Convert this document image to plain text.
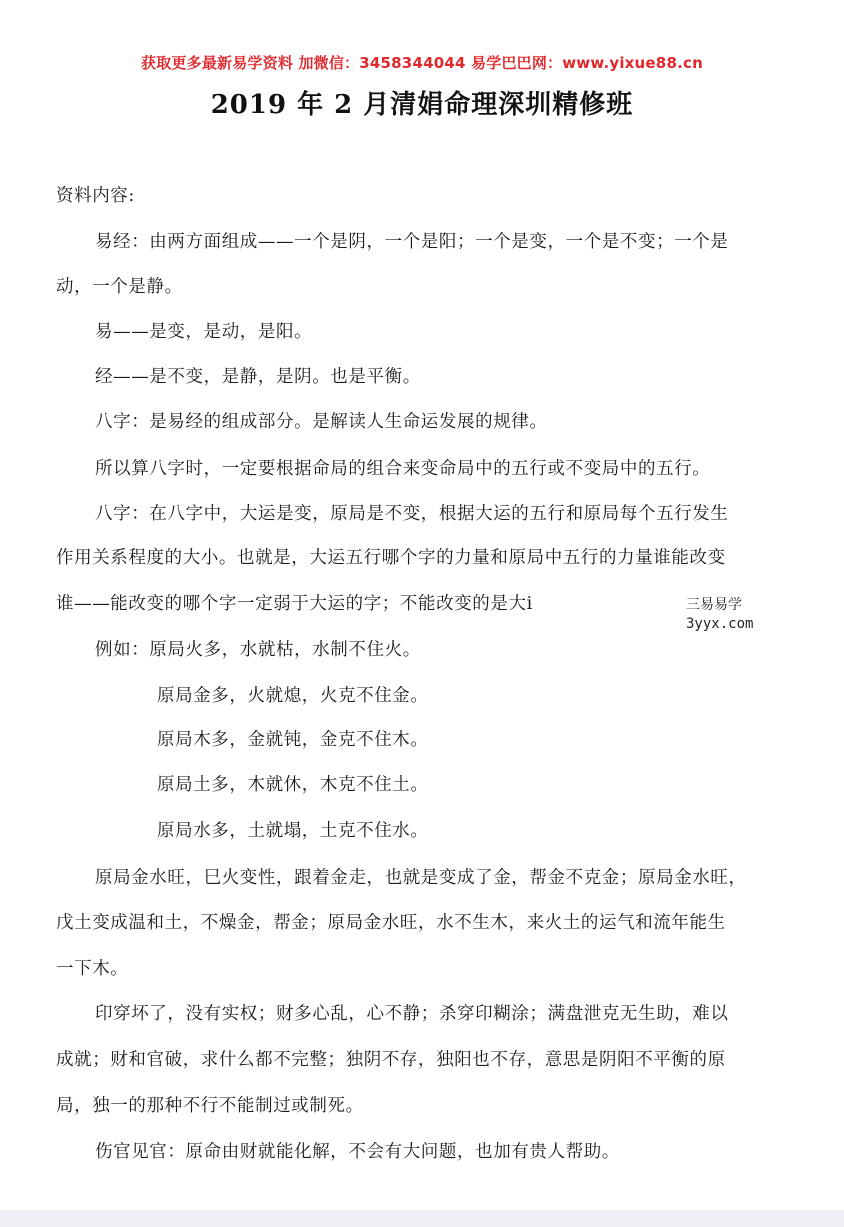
获取更多最新易学资料 加微信：3458344044 易学巴巴网：www.yixue88.cn
2019 年 2 月清娟命理深圳精修班
资料内容:
易经：由两方面组成——一个是阴，一个是阳；一个是变，一个是不变；一个是
动，一个是静。
易——是变，是动，是阳。
经——是不变，是静，是阴。也是平衡。
八字：是易经的组成部分。是解读人生命运发展的规律。
所以算八字时，一定要根据命局的组合来变命局中的五行或不变局中的五行。
八字：在八字中，大运是变，原局是不变，根据大运的五行和原局每个五行发生
作用关系程度的大小。也就是，大运五行哪个字的力量和原局中五行的力量谁能改变
谁——能改变的哪个字一定弱于大运的字；不能改变的是大i	三易易学
3yyx.com
例如：原局火多，水就枯，水制不住火。
原局金多，火就熄，火克不住金。
原局木多，金就钝，金克不住木。
原局土多，木就休，木克不住土。
原局水多，土就塌，土克不住水。
原局金水旺，巳火变性，跟着金走，也就是变成了金，帮金不克金；原局金水旺，
戊土变成温和土，不燥金，帮金；原局金水旺，水不生木，来火土的运气和流年能生
一下木。
印穿坏了，没有实权；财多心乱，心不静；杀穿印糊涂；满盘泄克无生助，难以
成就；财和官破，求什么都不完整；独阴不存，独阳也不存，意思是阴阳不平衡的原
局，独一的那种不行不能制过或制死。
伤官见官：原命由财就能化解，不会有大问题，也加有贵人帮助。
